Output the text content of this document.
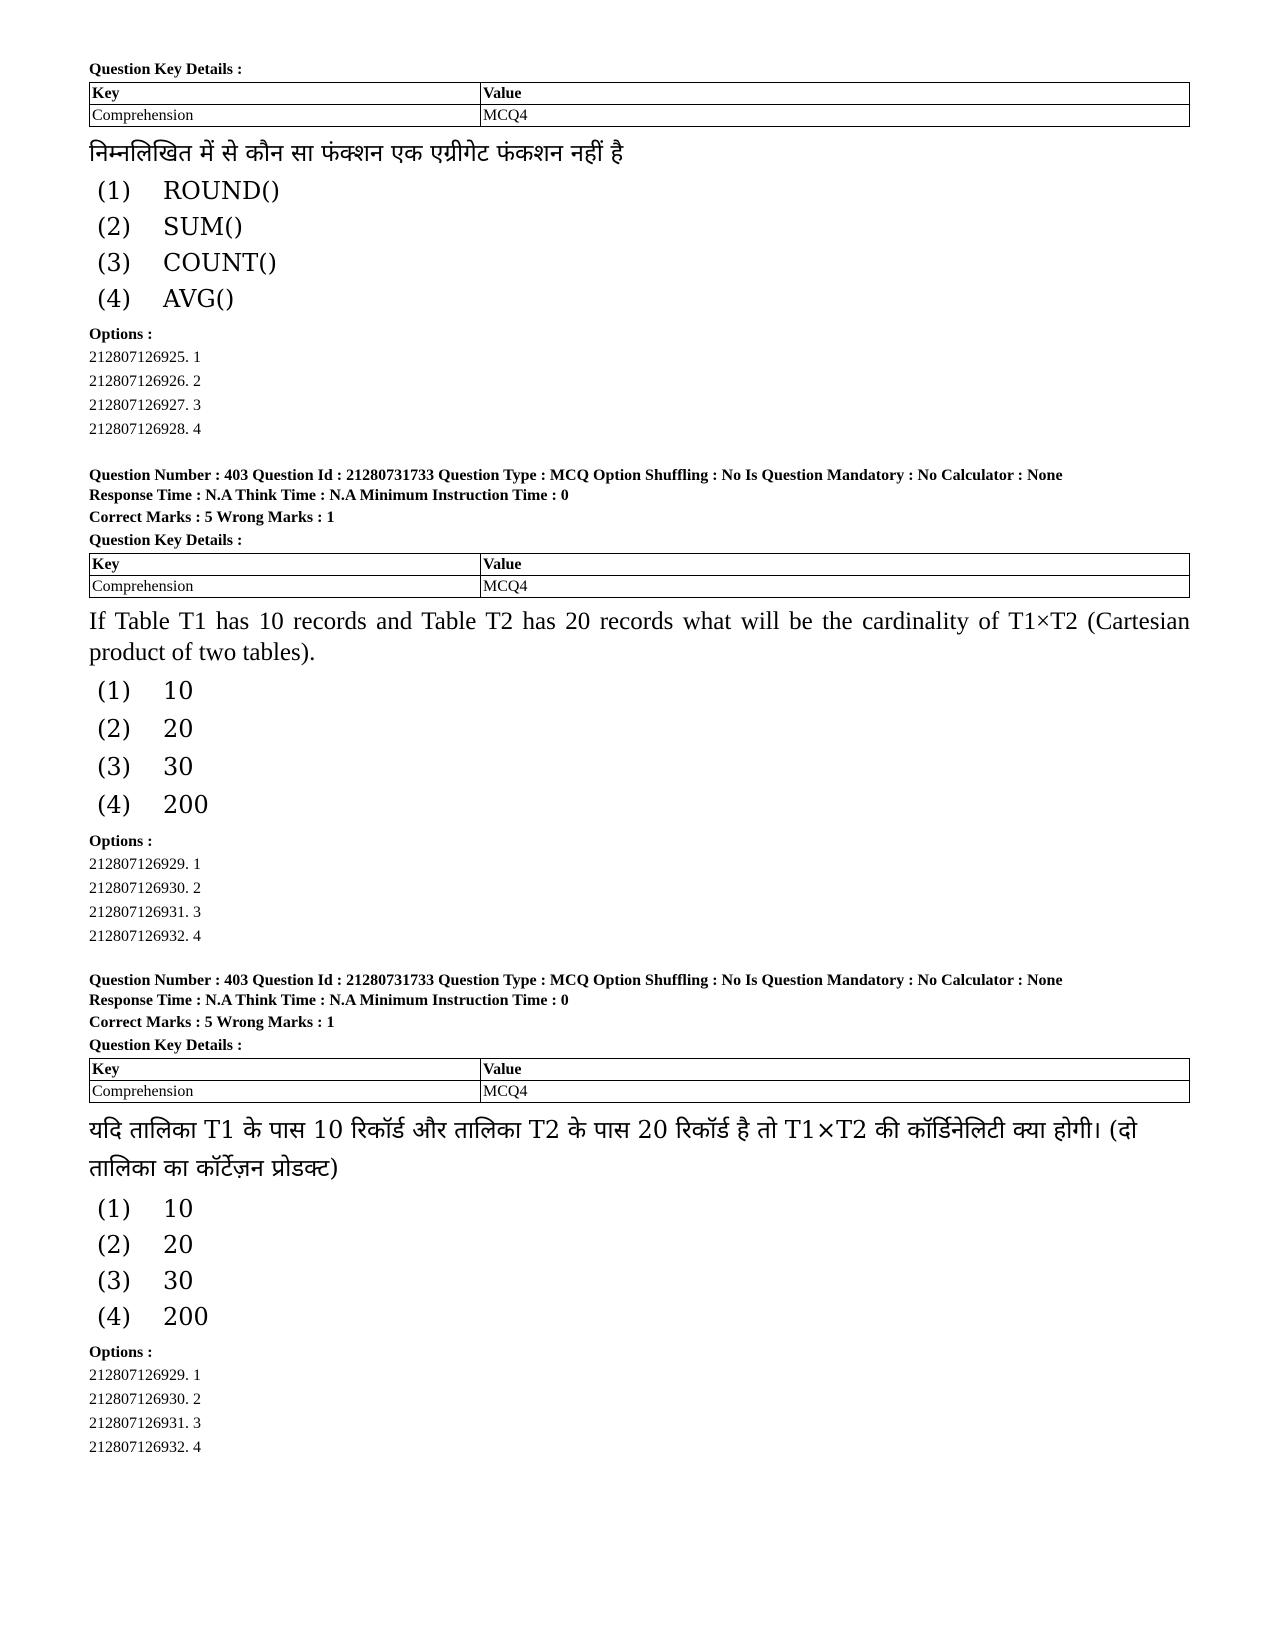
Question Key Details :
Key	Value
Comprehension	MCQ4
निम्नलिखित में से कौन सा फंक्शन एक एग्रीगेट फंकशन नहीं है
(1)	ROUND()
(2)	SUM()
(3)	COUNT()
(4)	AVG()
Options :
212807126925. 1
212807126926. 2
212807126927. 3
212807126928. 4
Question Number : 403 Question Id : 21280731733 Question Type : MCQ Option Shuffling : No Is Question Mandatory : No Calculator : None
Response Time : N.A Think Time : N.A Minimum Instruction Time : 0
Correct Marks : 5 Wrong Marks : 1
Question Key Details :
Key	Value
Comprehension	MCQ4
If Table T1 has 10 records and Table T2 has 20 records what will be the cardinality of T1×T2 (Cartesian product of two tables).
(1)	10
(2)	20
(3)	30
(4)	200
Options :
212807126929. 1
212807126930. 2
212807126931. 3
212807126932. 4
Question Number : 403 Question Id : 21280731733 Question Type : MCQ Option Shuffling : No Is Question Mandatory : No Calculator : None
Response Time : N.A Think Time : N.A Minimum Instruction Time : 0
Correct Marks : 5 Wrong Marks : 1
Question Key Details :
Key	Value
Comprehension	MCQ4
यदि तालिका T1 के पास 10 रिकॉर्ड और तालिका T2 के पास 20 रिकॉर्ड है तो T1×T2 की कॉर्डिनेलिटी क्या होगी। (दो तालिका का कॉर्टेज़न प्रोडक्ट)
(1)	10
(2)	20
(3)	30
(4)	200
Options :
212807126929. 1
212807126930. 2
212807126931. 3
212807126932. 4
